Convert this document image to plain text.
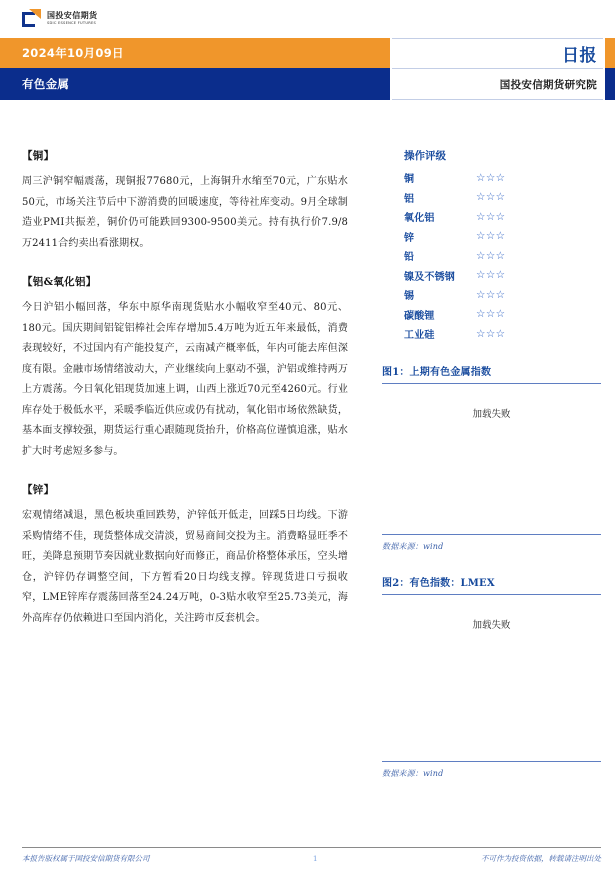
国投安信期货
SDIC ESSENCE FUTURES
2024年10月09日
有色金属
日报
国投安信期货研究院
【铜】
周三沪铜窄幅震荡，现铜报77680元，上海铜升水缩至70元，广东贴水50元，市场关注节后中下游消费的回暖速度，等待社库变动。9月全球制造业PMI共振差，铜价仍可能跌回9300-9500美元。持有执行价7.9/8万2411合约卖出看涨期权。
【铝&氧化铝】
今日沪铝小幅回落，华东中原华南现货贴水小幅收窄至40元、80元、180元。国庆期间铝锭铝棒社会库存增加5.4万吨为近五年来最低，消费表现较好，不过国内有产能投复产，云南减产概率低，年内可能去库但深度有限。金融市场情绪波动大，产业继续向上驱动不强，沪铝或维持两万上方震荡。今日氧化铝现货加速上调，山西上涨近70元至4260元。行业库存处于极低水平，采暖季临近供应或仍有扰动，氧化铝市场依然缺货，基本面支撑较强，期货运行重心跟随现货抬升，价格高位谨慎追涨，贴水扩大时考虑短多参与。
【锌】
宏观情绪减退，黑色板块重回跌势，沪锌低开低走，回踩5日均线。下游采购情绪不佳，现货整体成交清淡，贸易商间交投为主。消费略显旺季不旺，美降息预期节奏因就业数据向好而修正，商品价格整体承压，空头增仓，沪锌仍存调整空间，下方暂看20日均线支撑。锌现货进口亏损收窄，LME锌库存震荡回落至24.24万吨，0-3贴水收窄至25.73美元，海外高库存仍依赖进口至国内消化，关注跨市反套机会。
操作评级
铜	☆☆☆
铝	☆☆☆
氧化铝	☆☆☆
锌	☆☆☆
铅	☆☆☆
镍及不锈钢	☆☆☆
锡	☆☆☆
碳酸锂	☆☆☆
工业硅	☆☆☆
图1：上期有色金属指数
加载失败
数据来源：wind
图2：有色指数：LMEX
加载失败
数据来源：wind
本报告版权属于国投安信期货有限公司	1	不可作为投资依据，转载请注明出处
